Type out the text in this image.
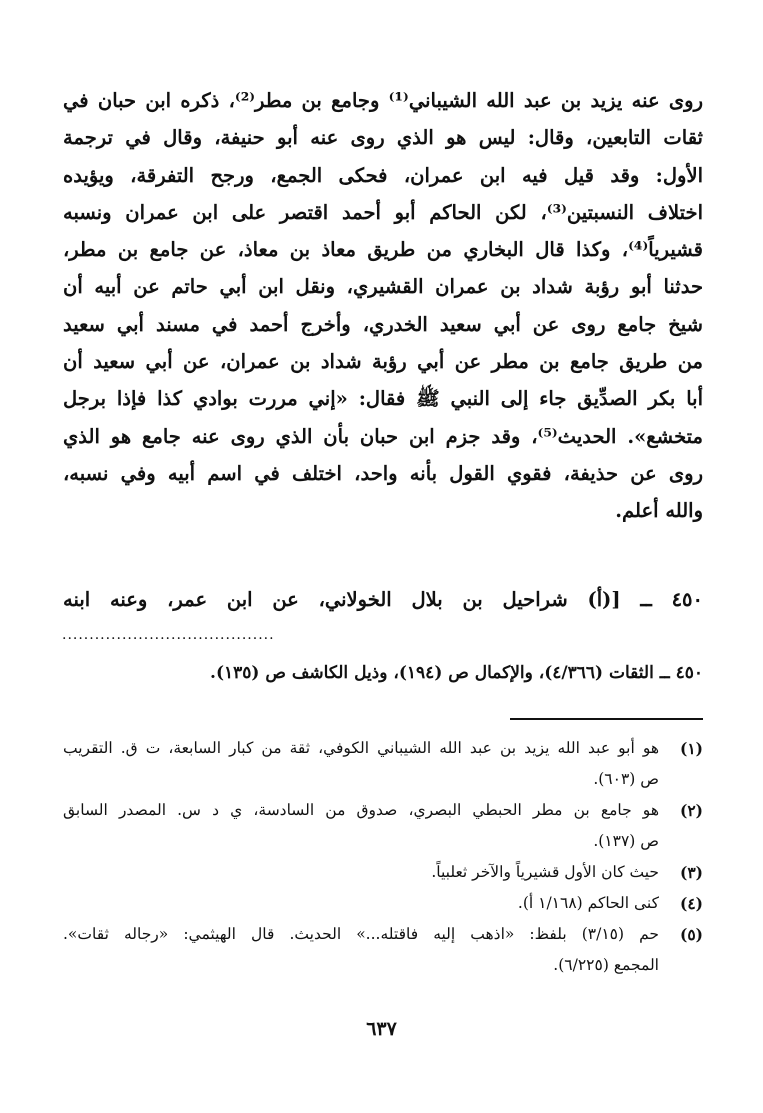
روى عنه يزيد بن عبد الله الشيباني⁽¹⁾ وجامع بن مطر⁽²⁾، ذكره ابن حبان في
ثقات التابعين، وقال: ليس هو الذي روى عنه أبو حنيفة، وقال في ترجمة
الأول: وقد قيل فيه ابن عمران، فحكى الجمع، ورجح التفرقة، ويؤيده
اختلاف النسبتين⁽³⁾، لكن الحاكم أبو أحمد اقتصر على ابن عمران ونسبه
قشيرياً⁽⁴⁾، وكذا قال البخاري من طريق معاذ بن معاذ، عن جامع بن مطر،
حدثنا أبو رؤبة شداد بن عمران القشيري، ونقل ابن أبي حاتم عن أبيه أن
شيخ جامع روى عن أبي سعيد الخدري، وأخرج أحمد في مسند أبي سعيد
من طريق جامع بن مطر عن أبي رؤبة شداد بن عمران، عن أبي سعيد أن
أبا بكر الصدِّيق جاء إلى النبي ﷺ فقال: «إني مررت بوادي كذا فإذا برجل
متخشع». الحديث⁽⁵⁾، وقد جزم ابن حبان بأن الذي روى عنه جامع هو الذي
روى عن حذيفة، فقوي القول بأنه واحد، اختلف في اسم أبيه وفي نسبه،
والله أعلم.
٤٥٠ ــ [(أ) شراحيل بن بلال الخولاني، عن ابن عمر، وعنه ابنه
.......................................
٤٥٠ ــ الثقات (٤/٣٦٦)، والإكمال ص (١٩٤)، وذيل الكاشف ص (١٣٥).
(١)
هو أبو عبد الله يزيد بن عبد الله الشيباني الكوفي، ثقة من كبار السابعة، ت ق. التقريب
ص (٦٠٣).
(٢)
هو جامع بن مطر الحبطي البصري، صدوق من السادسة، ي د س. المصدر السابق
ص (١٣٧).
(٣)
حيث كان الأول قشيرياً والآخر ثعلبياً.
(٤)
كنى الحاكم (١/١٦٨ أ).
(٥)
حم (٣/١٥) بلفظ: «اذهب إليه فاقتله...» الحديث. قال الهيثمي: «رجاله ثقات».
المجمع (٦/٢٢٥).
٦٣٧
